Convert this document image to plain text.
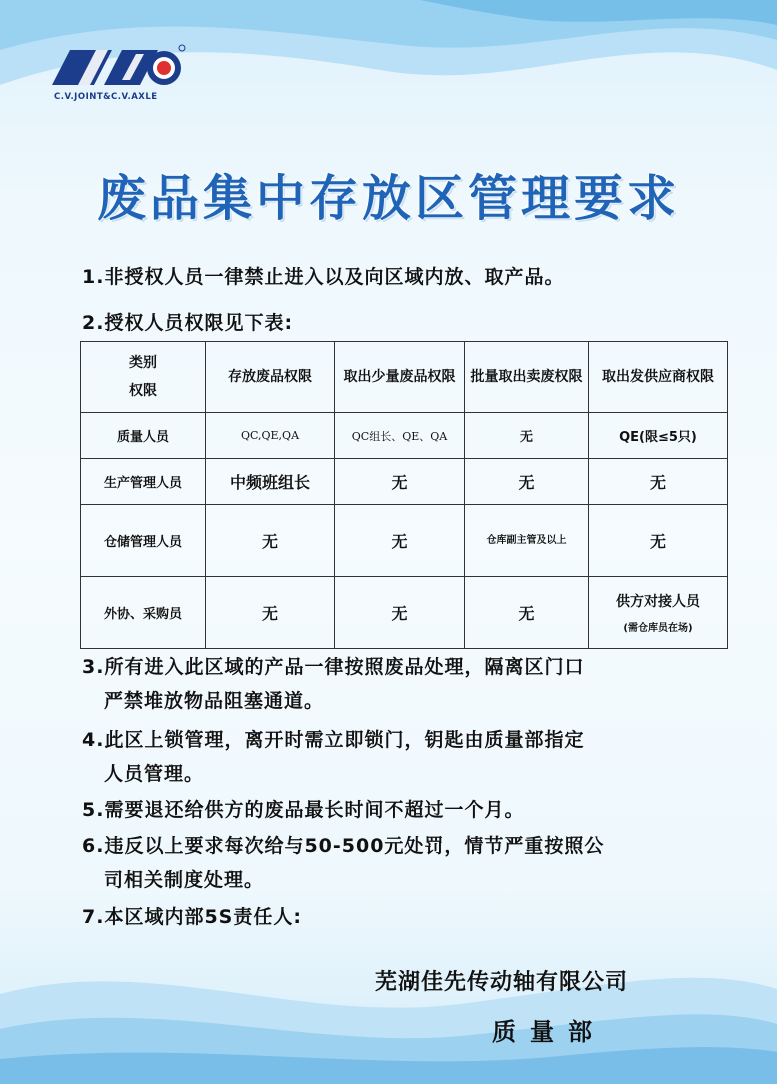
C.V.JOINT&C.V.AXLE
废品集中存放区管理要求
1.非授权人员一律禁止进入以及向区域内放、取产品。
2.授权人员权限见下表:
类别
权限	存放废品权限	取出少量废品权限	批量取出卖废权限	取出发供应商权限
质量人员	QC,QE,QA	QC组长、QE、QA	无	QE(限≤5只)
生产管理人员	中频班组长	无	无	无
仓储管理人员	无	无	仓库副主管及以上	无
外协、采购员	无	无	无	供方对接人员
(需仓库员在场)
3.所有进入此区域的产品一律按照废品处理，隔离区门口
严禁堆放物品阻塞通道。
4.此区上锁管理，离开时需立即锁门，钥匙由质量部指定
人员管理。
5.需要退还给供方的废品最长时间不超过一个月。
6.违反以上要求每次给与50-500元处罚，情节严重按照公
司相关制度处理。
7.本区域内部5S责任人:
芜湖佳先传动轴有限公司
质量部
